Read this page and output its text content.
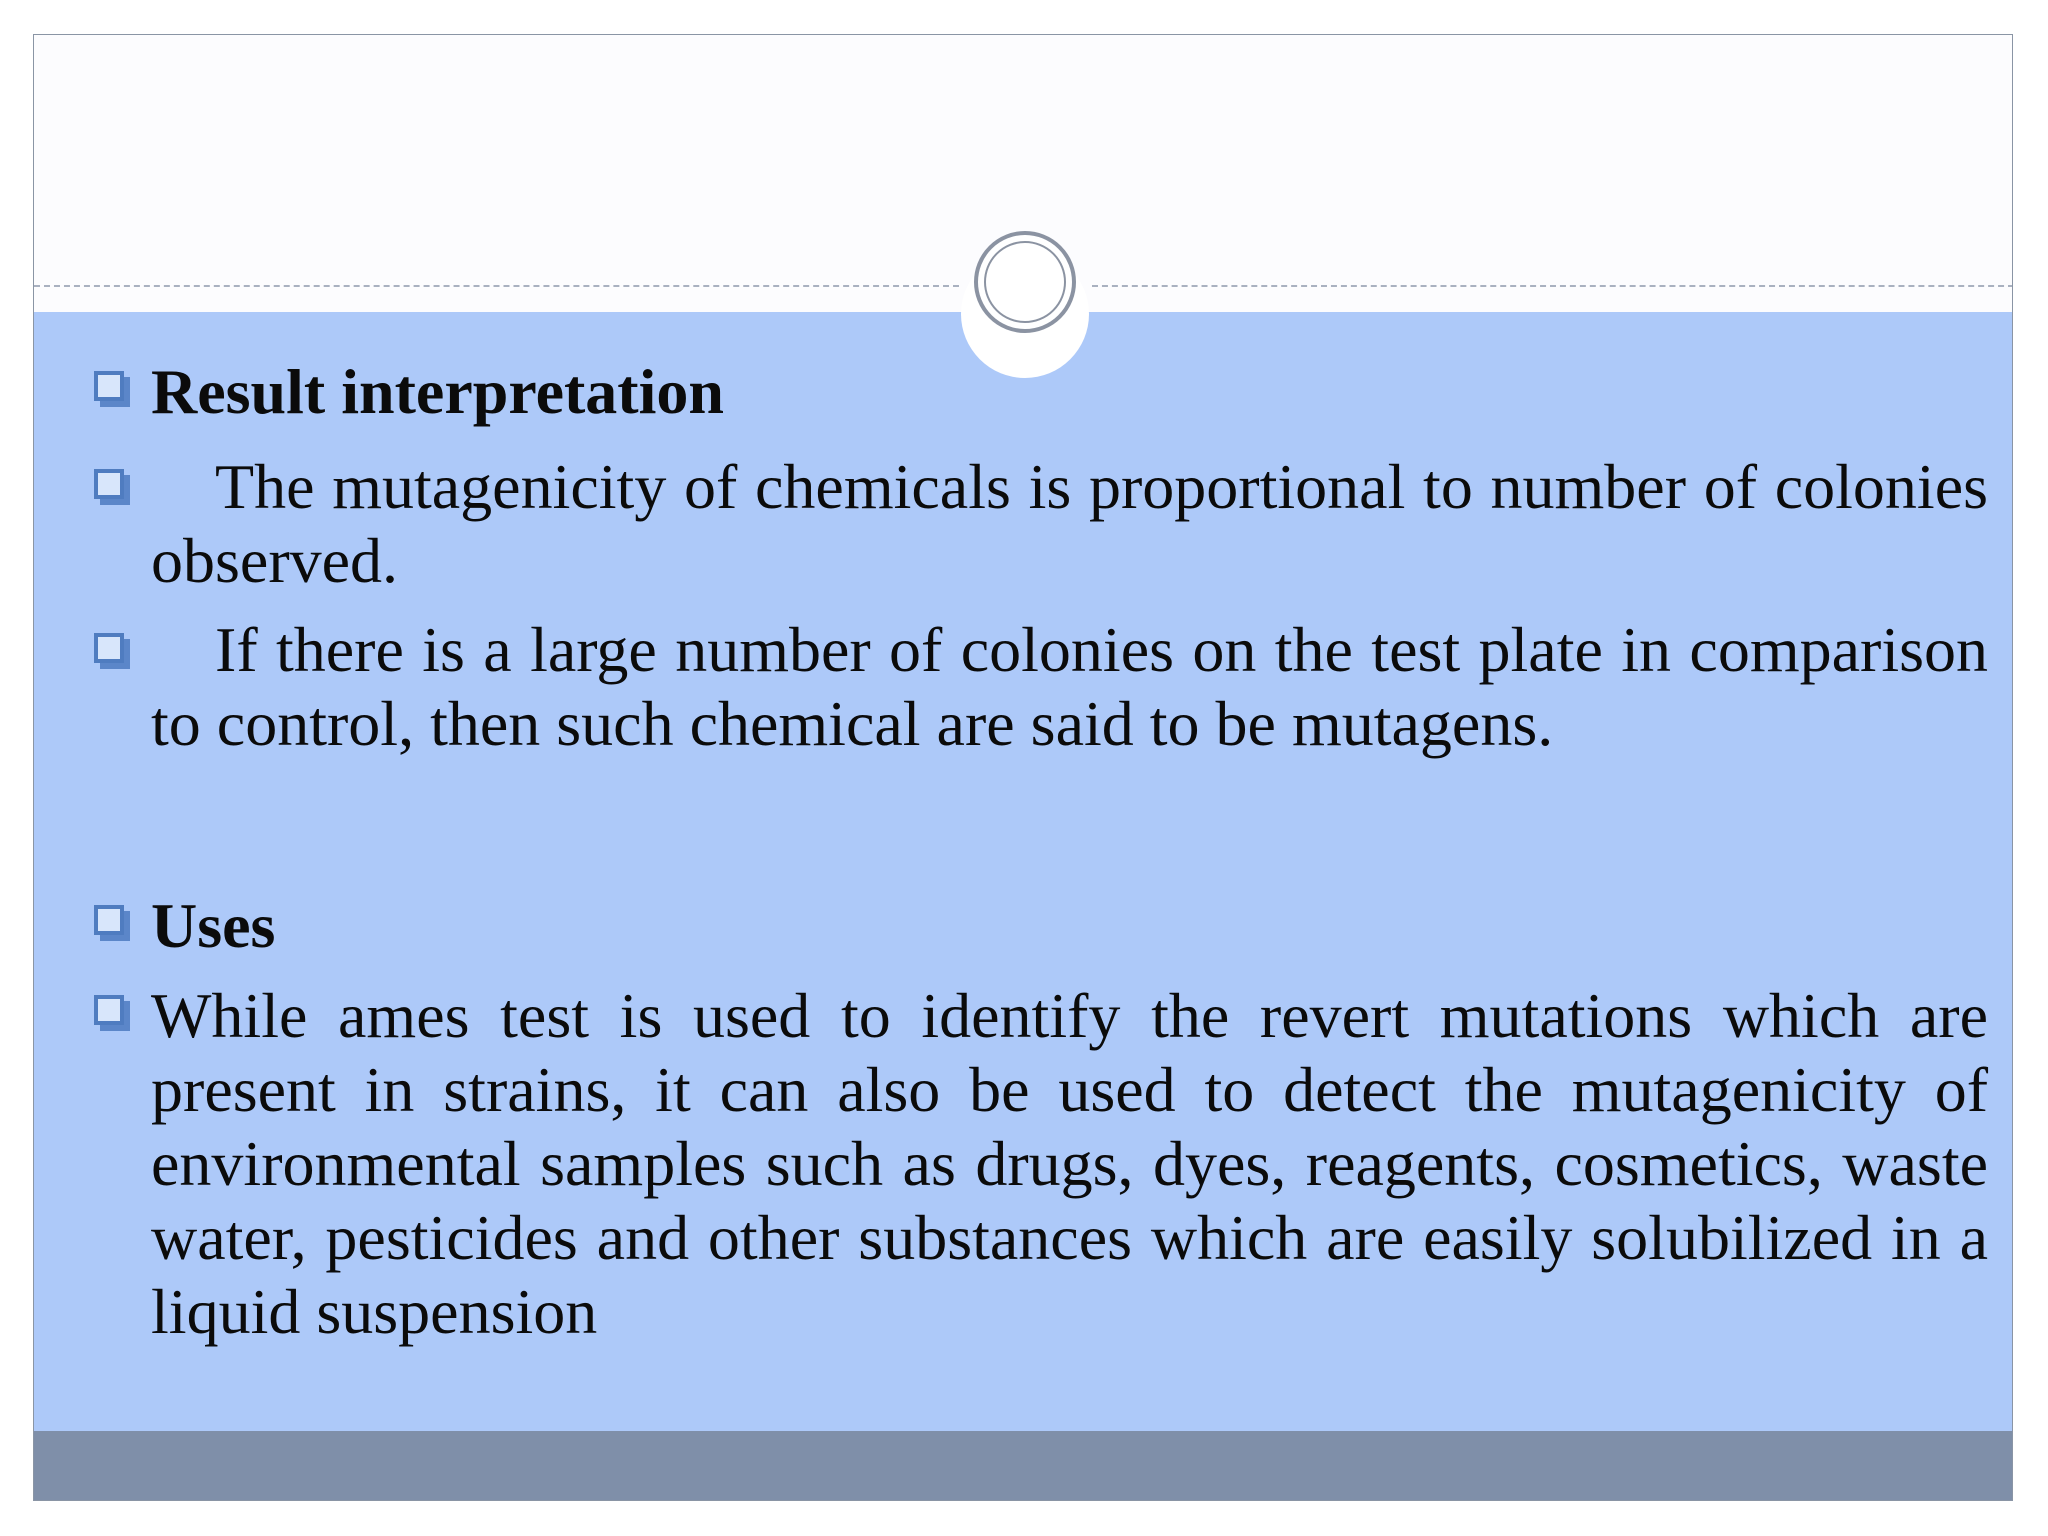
Result interpretation
The mutagenicity of chemicals is proportional to number of colonies observed.
If there is a large number of colonies on the test plate in comparison to control, then such chemical are said to be mutagens.
Uses
While ames test is used to identify the revert mutations which are present in strains, it can also be used to detect the mutagenicity of environmental samples such as drugs, dyes, reagents, cosmetics, waste water, pesticides and other substances which are easily solubilized in a liquid suspension
